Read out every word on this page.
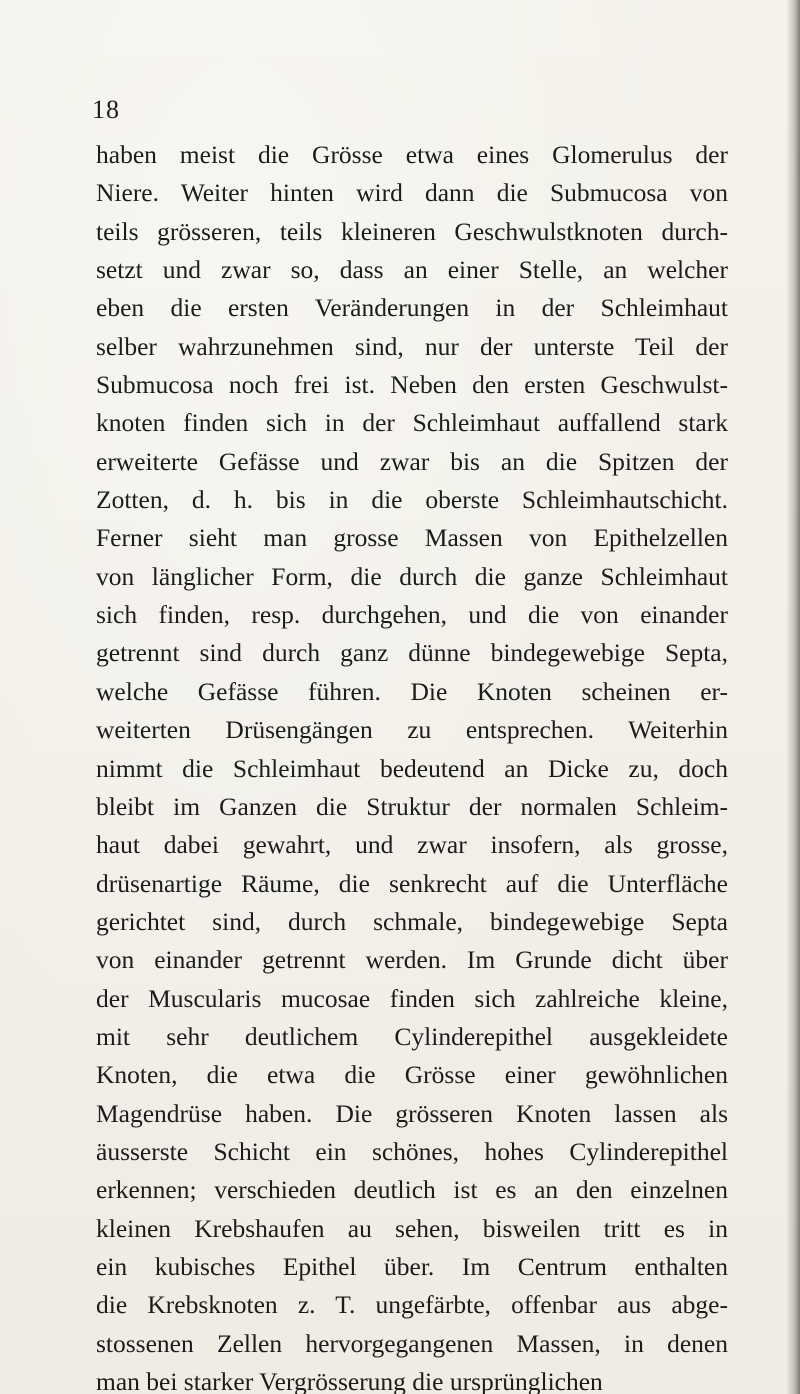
18
haben meist die Grösse etwa eines Glomerulus der
Niere. Weiter hinten wird dann die Submucosa von
teils grösseren, teils kleineren Geschwulstknoten durch-
setzt und zwar so, dass an einer Stelle, an welcher
eben die ersten Veränderungen in der Schleimhaut
selber wahrzunehmen sind, nur der unterste Teil der
Submucosa noch frei ist. Neben den ersten Geschwulst-
knoten finden sich in der Schleimhaut auffallend stark
erweiterte Gefässe und zwar bis an die Spitzen der
Zotten, d. h. bis in die oberste Schleimhautschicht.
Ferner sieht man grosse Massen von Epithelzellen
von länglicher Form, die durch die ganze Schleimhaut
sich finden, resp. durchgehen, und die von einander
getrennt sind durch ganz dünne bindegewebige Septa,
welche Gefässe führen. Die Knoten scheinen er-
weiterten Drüsengängen zu entsprechen. Weiterhin
nimmt die Schleimhaut bedeutend an Dicke zu, doch
bleibt im Ganzen die Struktur der normalen Schleim-
haut dabei gewahrt, und zwar insofern, als grosse,
drüsenartige Räume, die senkrecht auf die Unterfläche
gerichtet sind, durch schmale, bindegewebige Septa
von einander getrennt werden. Im Grunde dicht über
der Muscularis mucosae finden sich zahlreiche kleine,
mit sehr deutlichem Cylinderepithel ausgekleidete
Knoten, die etwa die Grösse einer gewöhnlichen
Magendrüse haben. Die grösseren Knoten lassen als
äusserste Schicht ein schönes, hohes Cylinderepithel
erkennen; verschieden deutlich ist es an den einzelnen
kleinen Krebshaufen au sehen, bisweilen tritt es in
ein kubisches Epithel über. Im Centrum enthalten
die Krebsknoten z. T. ungefärbte, offenbar aus abge-
stossenen Zellen hervorgegangenen Massen, in denen
man bei starker Vergrösserung die ursprünglichen
